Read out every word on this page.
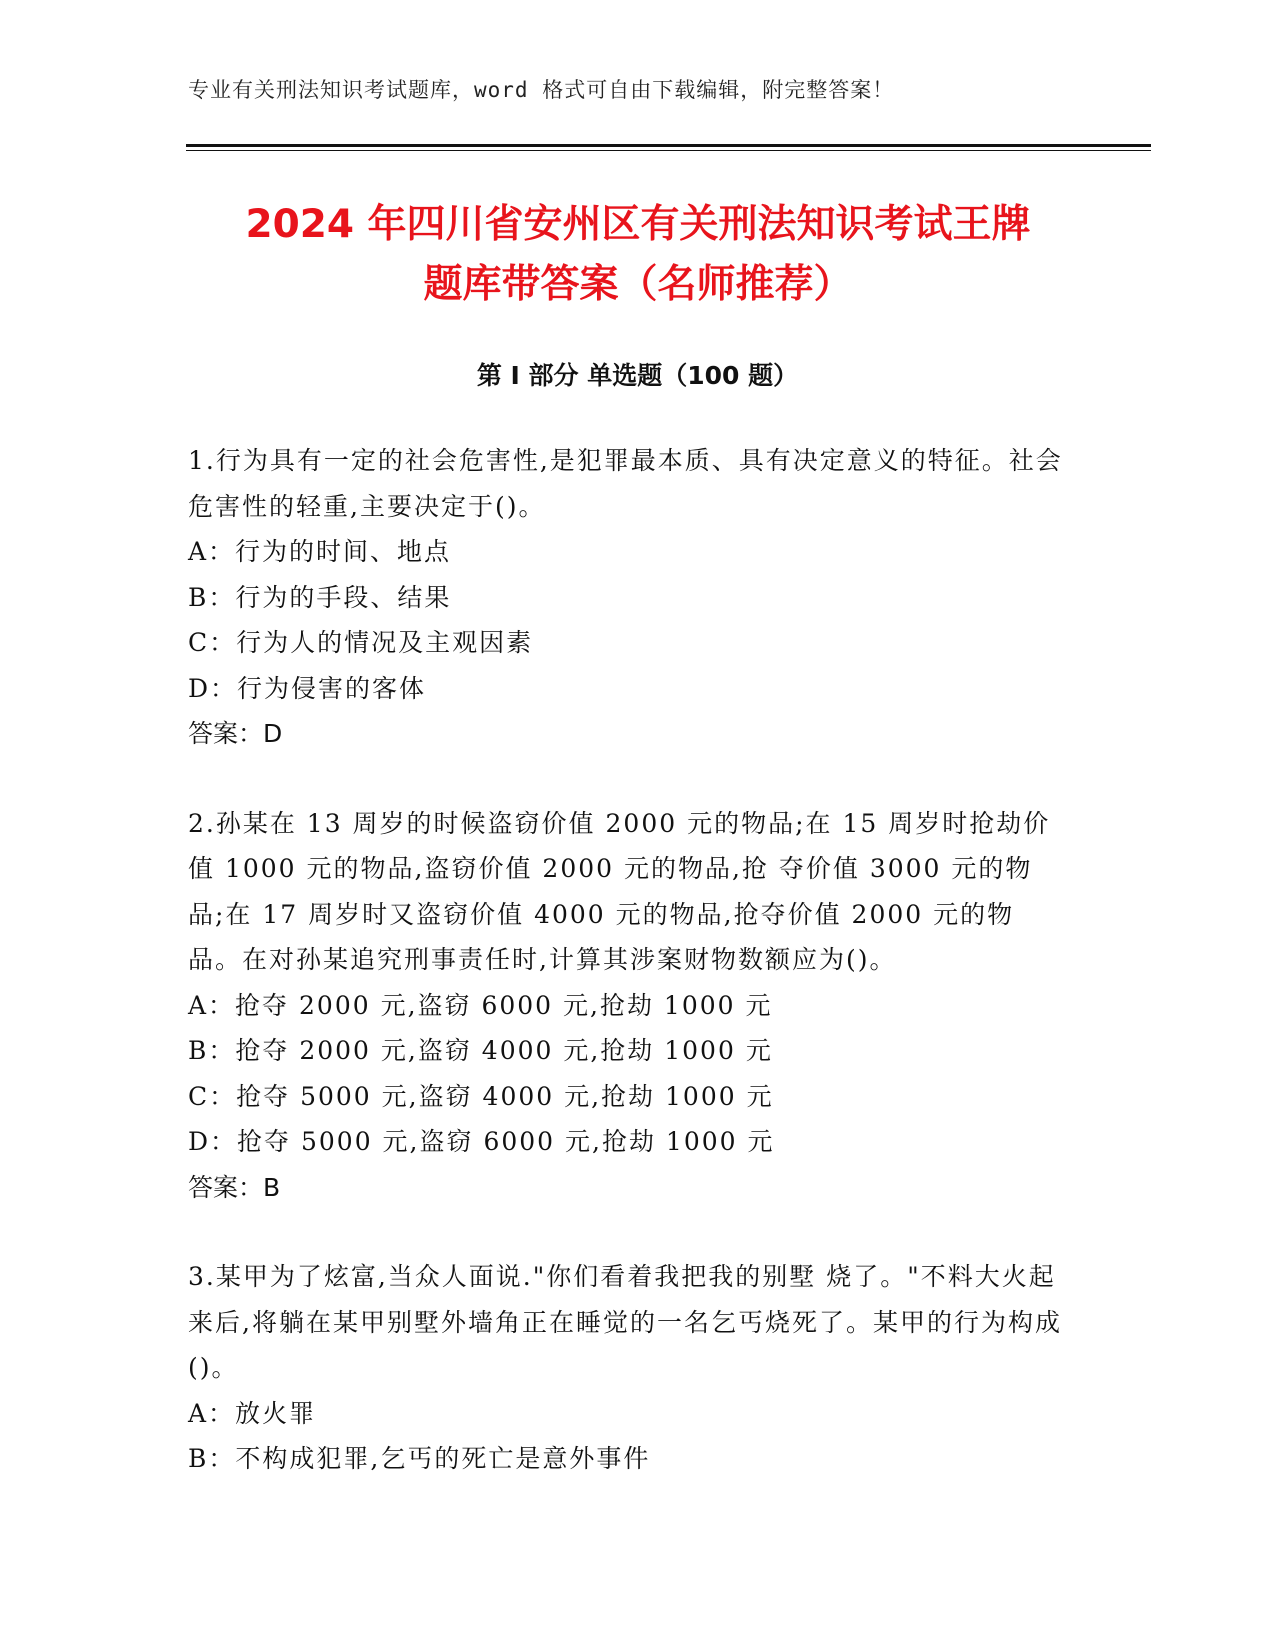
专业有关刑法知识考试题库，word 格式可自由下载编辑，附完整答案！
2024 年四川省安州区有关刑法知识考试王牌
题库带答案（名师推荐）
第 I 部分 单选题（100 题）

1.行为具有一定的社会危害性,是犯罪最本质、具有决定意义的特征。社会危害性的轻重,主要决定于()。

A：行为的时间、地点

B：行为的手段、结果

C：行为人的情况及主观因素

D：行为侵害的客体

答案：D

2.孙某在 13 周岁的时候盗窃价值 2000 元的物品;在 15 周岁时抢劫价值 1000 元的物品,盗窃价值 2000 元的物品,抢 夺价值 3000 元的物品;在 17 周岁时又盗窃价值 4000 元的物品,抢夺价值 2000 元的物品。在对孙某追究刑事责任时,计算其涉案财物数额应为()。

A：抢夺 2000 元,盗窃 6000 元,抢劫 1000 元

B：抢夺 2000 元,盗窃 4000 元,抢劫 1000 元

C：抢夺 5000 元,盗窃 4000 元,抢劫 1000 元

D：抢夺 5000 元,盗窃 6000 元,抢劫 1000 元

答案：B

3.某甲为了炫富,当众人面说."你们看着我把我的别墅 烧了。"不料大火起来后,将躺在某甲别墅外墙角正在睡觉的一名乞丐烧死了。某甲的行为构成()。

A：放火罪

B：不构成犯罪,乞丐的死亡是意外事件
